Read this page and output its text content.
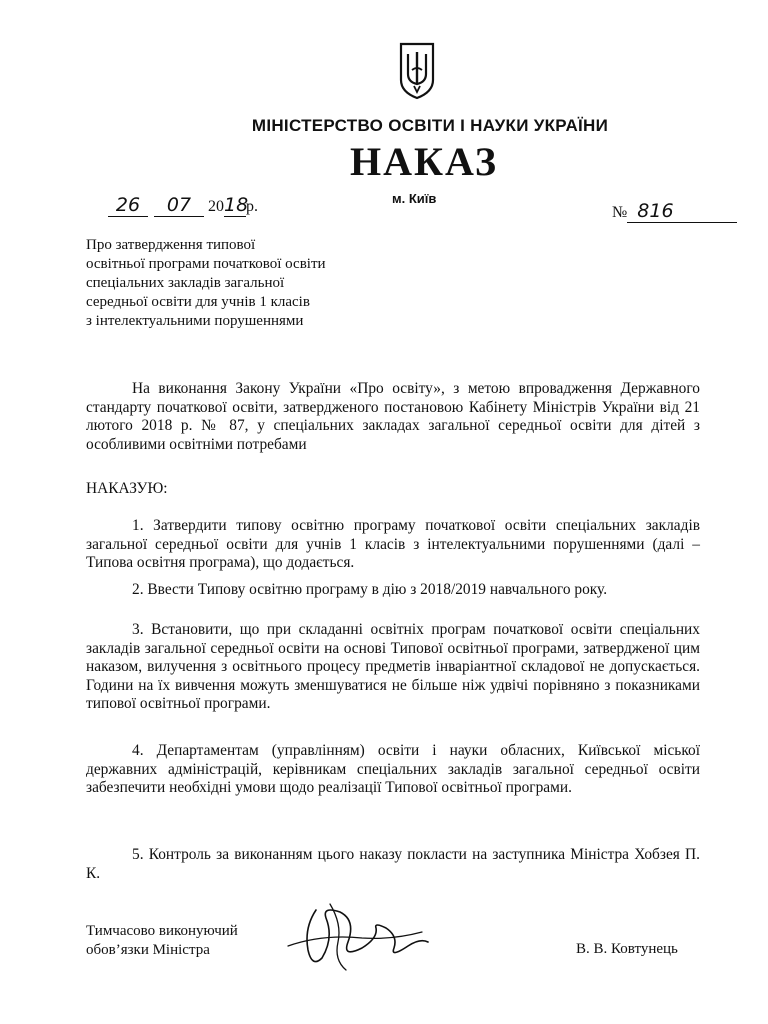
МІНІСТЕРСТВО ОСВІТИ І НАУКИ УКРАЇНИ
НАКАЗ
26 07 2018р.	м. Київ
№ 816
Про затвердження типової
освітньої програми початкової освіти
спеціальних закладів загальної
середньої освіти для учнів 1 класів
з інтелектуальними порушеннями
На виконання Закону України «Про освіту», з метою впровадження Державного стандарту початкової освіти, затвердженого постановою Кабінету Міністрів України від 21 лютого 2018 р. № 87, у спеціальних закладах загальної середньої освіти для дітей з особливими освітніми потребами
НАКАЗУЮ:
1. Затвердити типову освітню програму початкової освіти спеціальних закладів загальної середньої освіти для учнів 1 класів з інтелектуальними порушеннями (далі – Типова освітня програма), що додається.
2. Ввести Типову освітню програму в дію з 2018/2019 навчального року.
3. Встановити, що при складанні освітніх програм початкової освіти спеціальних закладів загальної середньої освіти на основі Типової освітньої програми, затвердженої цим наказом, вилучення з освітнього процесу предметів інваріантної складової не допускається. Години на їх вивчення можуть зменшуватися не більше ніж удвічі порівняно з показниками типової освітньої програми.
4. Департаментам (управлінням) освіти і науки обласних, Київської міської державних адміністрацій, керівникам спеціальних закладів загальної середньої освіти забезпечити необхідні умови щодо реалізації Типової освітньої програми.
5. Контроль за виконанням цього наказу покласти на заступника Міністра Хобзея П. К.
Тимчасово виконуючий
обов’язки Міністра	В. В. Ковтунець
